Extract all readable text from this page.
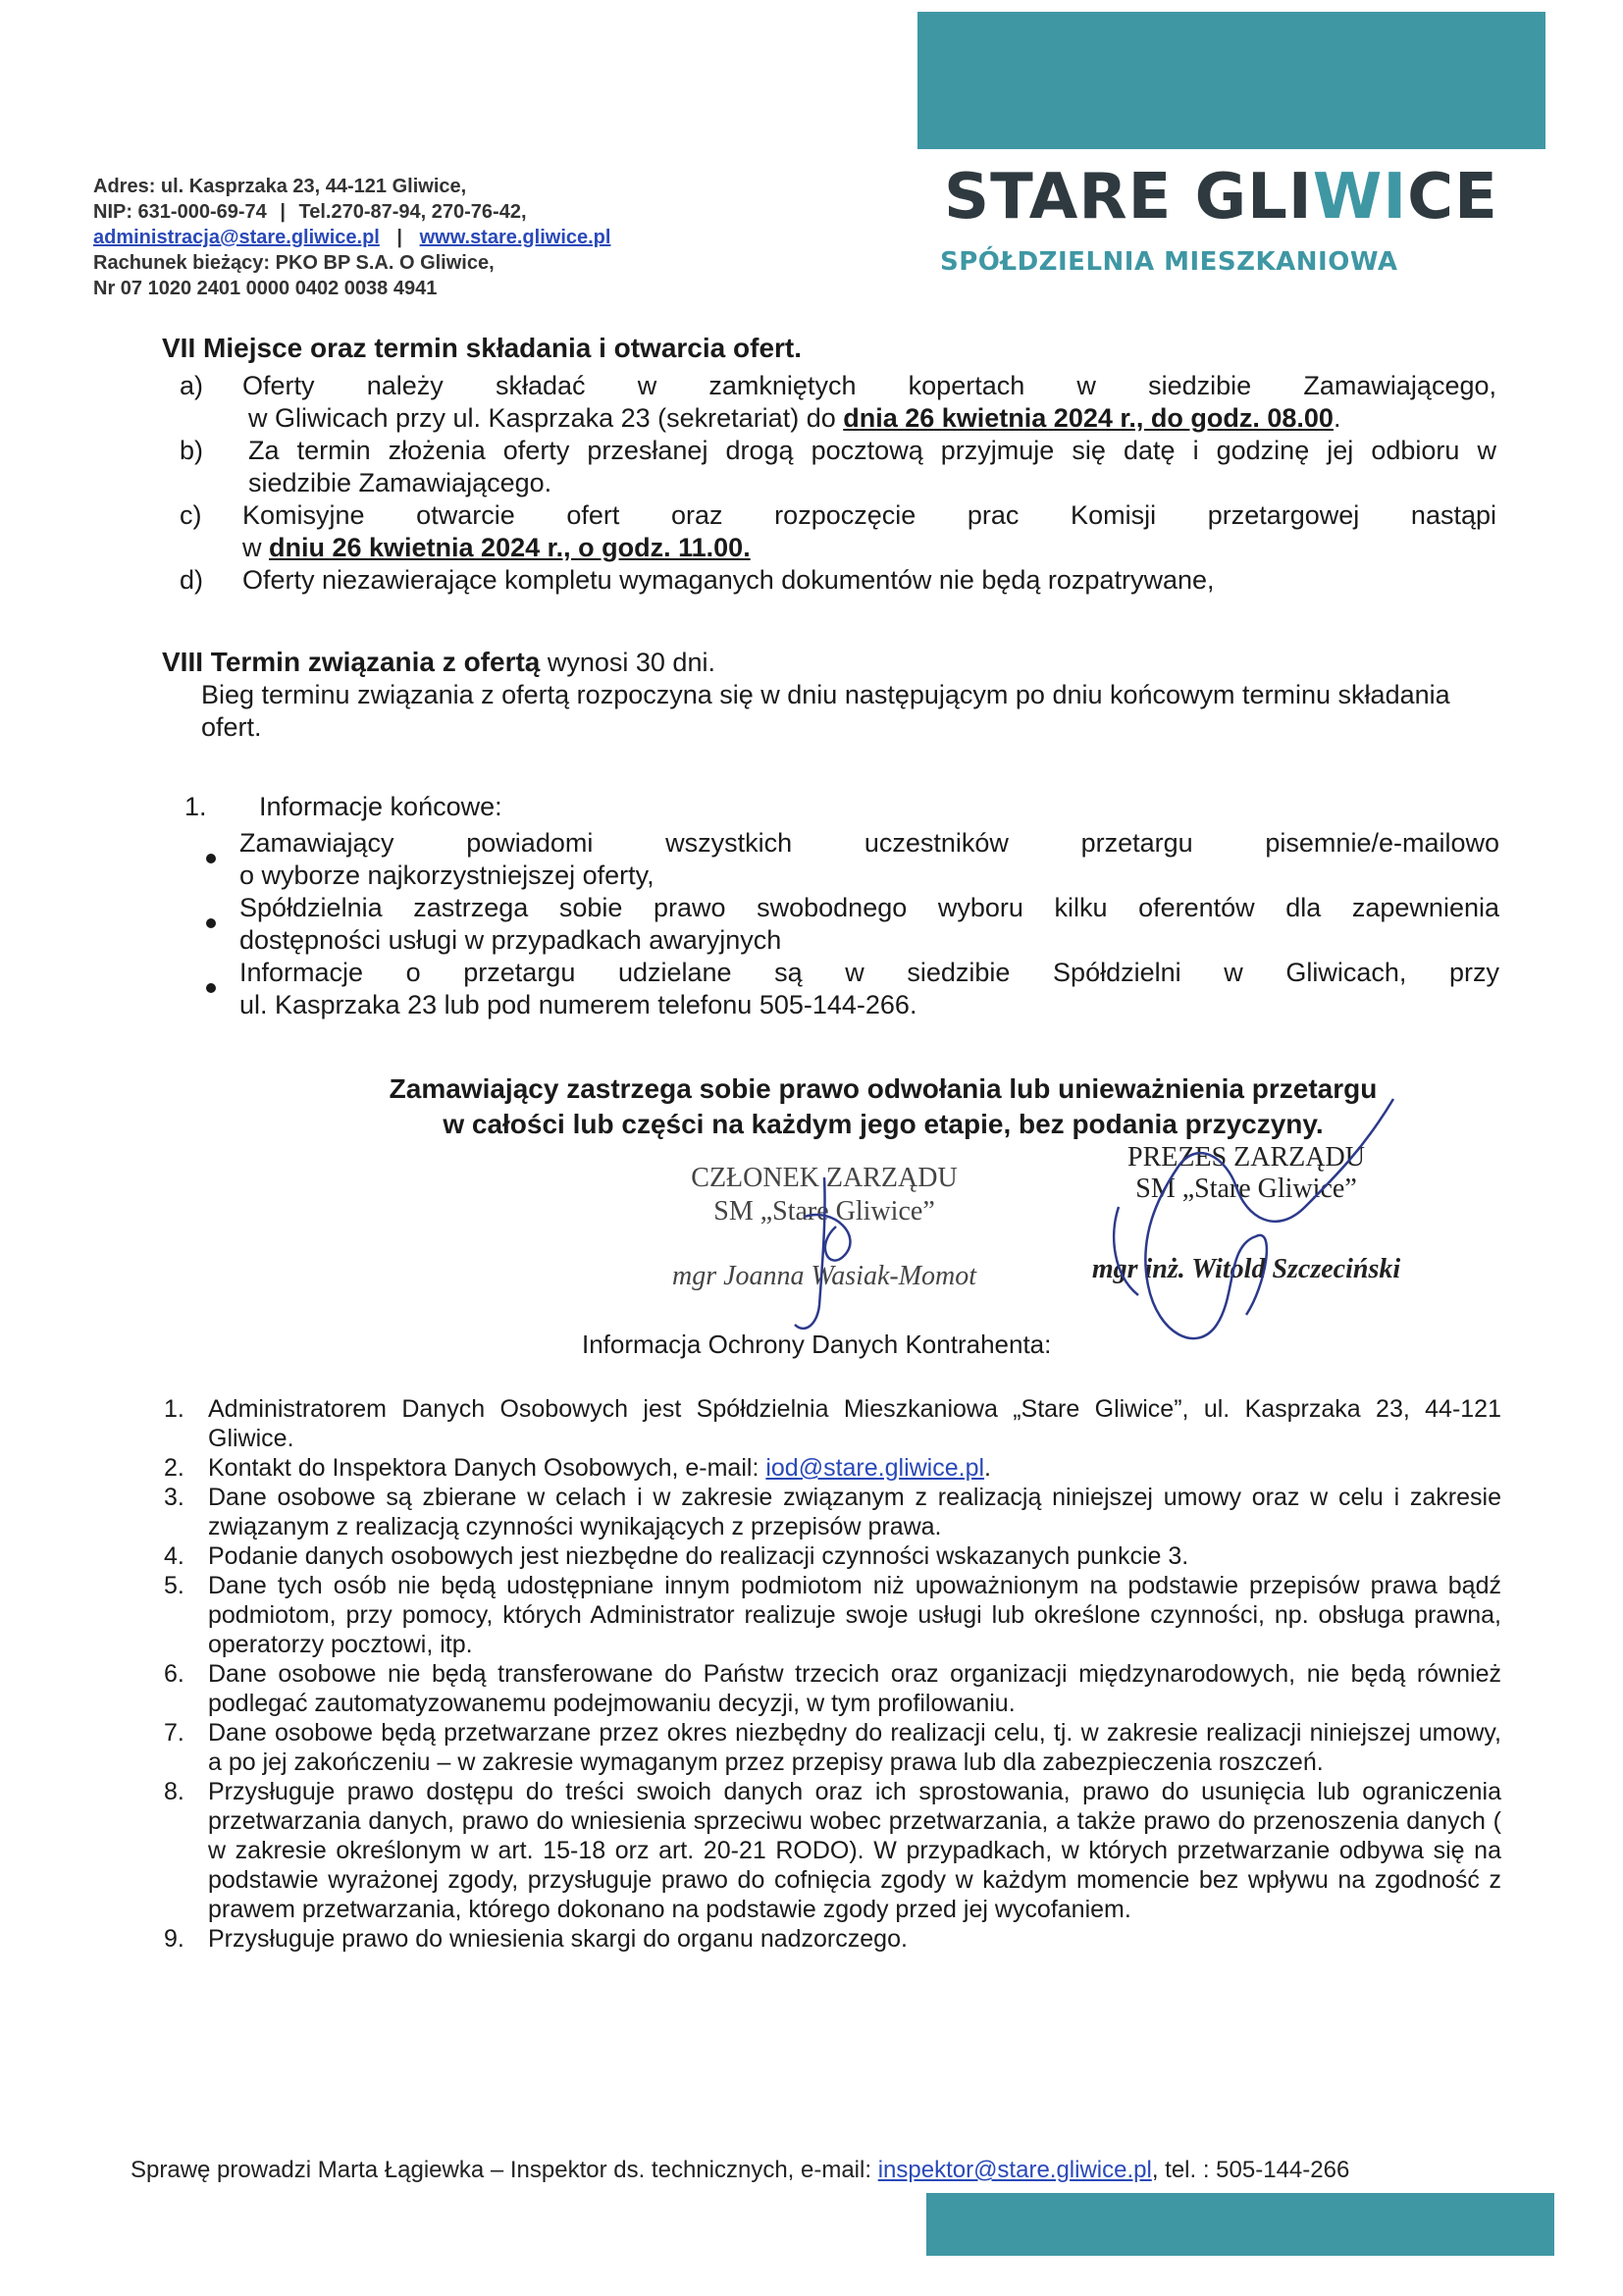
Adres: ul. Kasprzaka 23, 44-121 Gliwice,
NIP: 631-000-69-74 | Tel.270-87-94, 270-76-42,
administracja@stare.gliwice.pl | www.stare.gliwice.pl
Rachunek bieżący: PKO BP S.A. O Gliwice,
Nr 07 1020 2401 0000 0402 0038 4941
STARE GLIWICE
SPÓŁDZIELNIA MIESZKANIOWA
VII Miejsce oraz termin składania i otwarcia ofert.
a)	Oferty należy składać w zamkniętych kopertach w siedzibie Zamawiającego,
w Gliwicach przy ul. Kasprzaka 23 (sekretariat) do dnia 26 kwietnia 2024 r., do godz. 08.00.
b)	Za termin złożenia oferty przesłanej drogą pocztową przyjmuje się datę i godzinę jej odbioru w
siedzibie Zamawiającego.
c)	Komisyjne otwarcie ofert oraz rozpoczęcie prac Komisji przetargowej nastąpi
w dniu 26 kwietnia 2024 r., o godz. 11.00.
d)	Oferty niezawierające kompletu wymaganych dokumentów nie będą rozpatrywane,
VIII Termin związania z ofertą wynosi 30 dni.
Bieg terminu związania z ofertą rozpoczyna się w dniu następującym po dniu końcowym terminu składania ofert.
1. Informacje końcowe:
Zamawiający powiadomi wszystkich uczestników przetargu pisemnie/e-mailowo
o wyborze najkorzystniejszej oferty,
Spółdzielnia zastrzega sobie prawo swobodnego wyboru kilku oferentów dla zapewnienia
dostępności usługi w przypadkach awaryjnych
Informacje o przetargu udzielane są w siedzibie Spółdzielni w Gliwicach, przy
ul. Kasprzaka 23 lub pod numerem telefonu 505-144-266.
Zamawiający zastrzega sobie prawo odwołania lub unieważnienia przetargu
w całości lub części na każdym jego etapie, bez podania przyczyny.
CZŁONEK ZARZĄDU
SM „Stare Gliwice”
mgr Joanna Wasiak-Momot
PREZES ZARZĄDU
SM „Stare Gliwice”
mgr inż. Witold Szczeciński
Informacja Ochrony Danych Kontrahenta:
1. Administratorem Danych Osobowych jest Spółdzielnia Mieszkaniowa „Stare Gliwice”, ul. Kasprzaka 23, 44-121 Gliwice.
2. Kontakt do Inspektora Danych Osobowych, e-mail: iod@stare.gliwice.pl.
3. Dane osobowe są zbierane w celach i w zakresie związanym z realizacją niniejszej umowy oraz w celu i zakresie związanym z realizacją czynności wynikających z przepisów prawa.
4. Podanie danych osobowych jest niezbędne do realizacji czynności wskazanych punkcie 3.
5. Dane tych osób nie będą udostępniane innym podmiotom niż upoważnionym na podstawie przepisów prawa bądź podmiotom, przy pomocy, których Administrator realizuje swoje usługi lub określone czynności, np. obsługa prawna, operatorzy pocztowi, itp.
6. Dane osobowe nie będą transferowane do Państw trzecich oraz organizacji międzynarodowych, nie będą również podlegać zautomatyzowanemu podejmowaniu decyzji, w tym profilowaniu.
7. Dane osobowe będą przetwarzane przez okres niezbędny do realizacji celu, tj. w zakresie realizacji niniejszej umowy, a po jej zakończeniu – w zakresie wymaganym przez przepisy prawa lub dla zabezpieczenia roszczeń.
8. Przysługuje prawo dostępu do treści swoich danych oraz ich sprostowania, prawo do usunięcia lub ograniczenia przetwarzania danych, prawo do wniesienia sprzeciwu wobec przetwarzania, a także prawo do przenoszenia danych ( w zakresie określonym w art. 15-18 orz art. 20-21 RODO). W przypadkach, w których przetwarzanie odbywa się na podstawie wyrażonej zgody, przysługuje prawo do cofnięcia zgody w każdym momencie bez wpływu na zgodność z prawem przetwarzania, którego dokonano na podstawie zgody przed jej wycofaniem.
9. Przysługuje prawo do wniesienia skargi do organu nadzorczego.
Sprawę prowadzi Marta Łągiewka – Inspektor ds. technicznych, e-mail: inspektor@stare.gliwice.pl, tel. : 505-144-266
